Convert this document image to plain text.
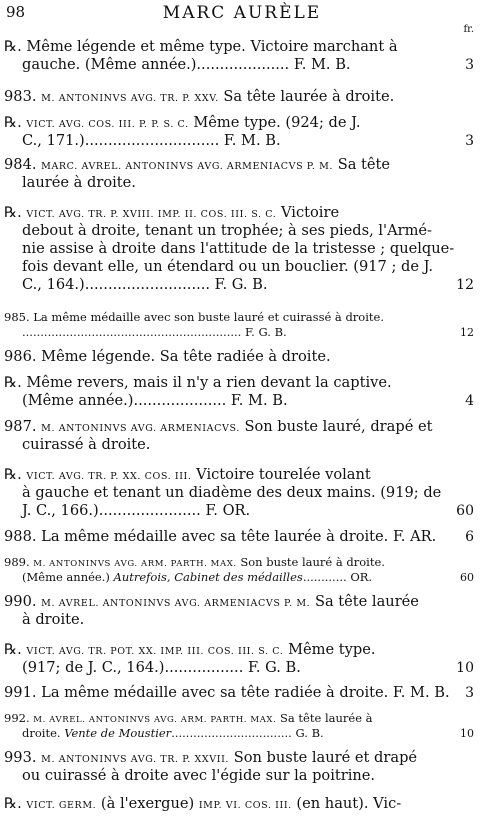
98	MARC AURÈLE
fr.
℞. Même légende et même type. Victoire marchant à
gauche. (Même année.).................... F. M. B.	3
983. M. ANTONINVS AVG. TR. P. XXV. Sa tête laurée à droite.
℞. VICT. AVG. COS. III. P. P. S. C. Même type. (924; de J.
C., 171.)............................. F. M. B.	3
984. MARC. AVREL. ANTONINVS AVG. ARMENIACVS P. M. Sa tête
laurée à droite.
℞. VICT. AVG. TR. P. XVIII. IMP. II. COS. III. S. C. Victoire
debout à droite, tenant un trophée; à ses pieds, l'Armé-
nie assise à droite dans l'attitude de la tristesse ; quelque-
fois devant elle, un étendard ou un bouclier. (917 ; de J.
C., 164.)........................... F. G. B.	12
985. La même médaille avec son buste lauré et cuirassé à droite.
............................................................ F. G. B.	12
986. Même légende. Sa tête radiée à droite.
℞. Même revers, mais il n'y a rien devant la captive.
(Même année.).................... F. M. B.	4
987. M. ANTONINVS AVG. ARMENIACVS. Son buste lauré, drapé et
cuirassé à droite.
℞. VICT. AVG. TR. P. XX. COS. III. Victoire tourelée volant
à gauche et tenant un diadème des deux mains. (919; de
J. C., 166.)...................... F. OR.	60
988. La même médaille avec sa tête laurée à droite. F. AR. 6
989. M. ANTONINVS AVG. ARM. PARTH. MAX. Son buste lauré à droite.
(Même année.) Autrefois, Cabinet des médailles............ OR.	60
990. M. AVREL. ANTONINVS AVG. ARMENIACVS P. M. Sa tête laurée
à droite.
℞. VICT. AVG. TR. POT. XX. IMP. III. COS. III. S. C. Même type.
(917; de J. C., 164.)................. F. G. B.	10
991. La même médaille avec sa tête radiée à droite. F. M. B. 3
992. M. AVREL. ANTONINVS AVG. ARM. PARTH. MAX. Sa tête laurée à
droite. Vente de Moustier................................. G. B.	10
993. M. ANTONINVS AVG. TR. P. XXVII. Son buste lauré et drapé
ou cuirassé à droite avec l'égide sur la poitrine.
℞. VICT. GERM. (à l'exergue) IMP. VI. COS. III. (en haut). Vic-
